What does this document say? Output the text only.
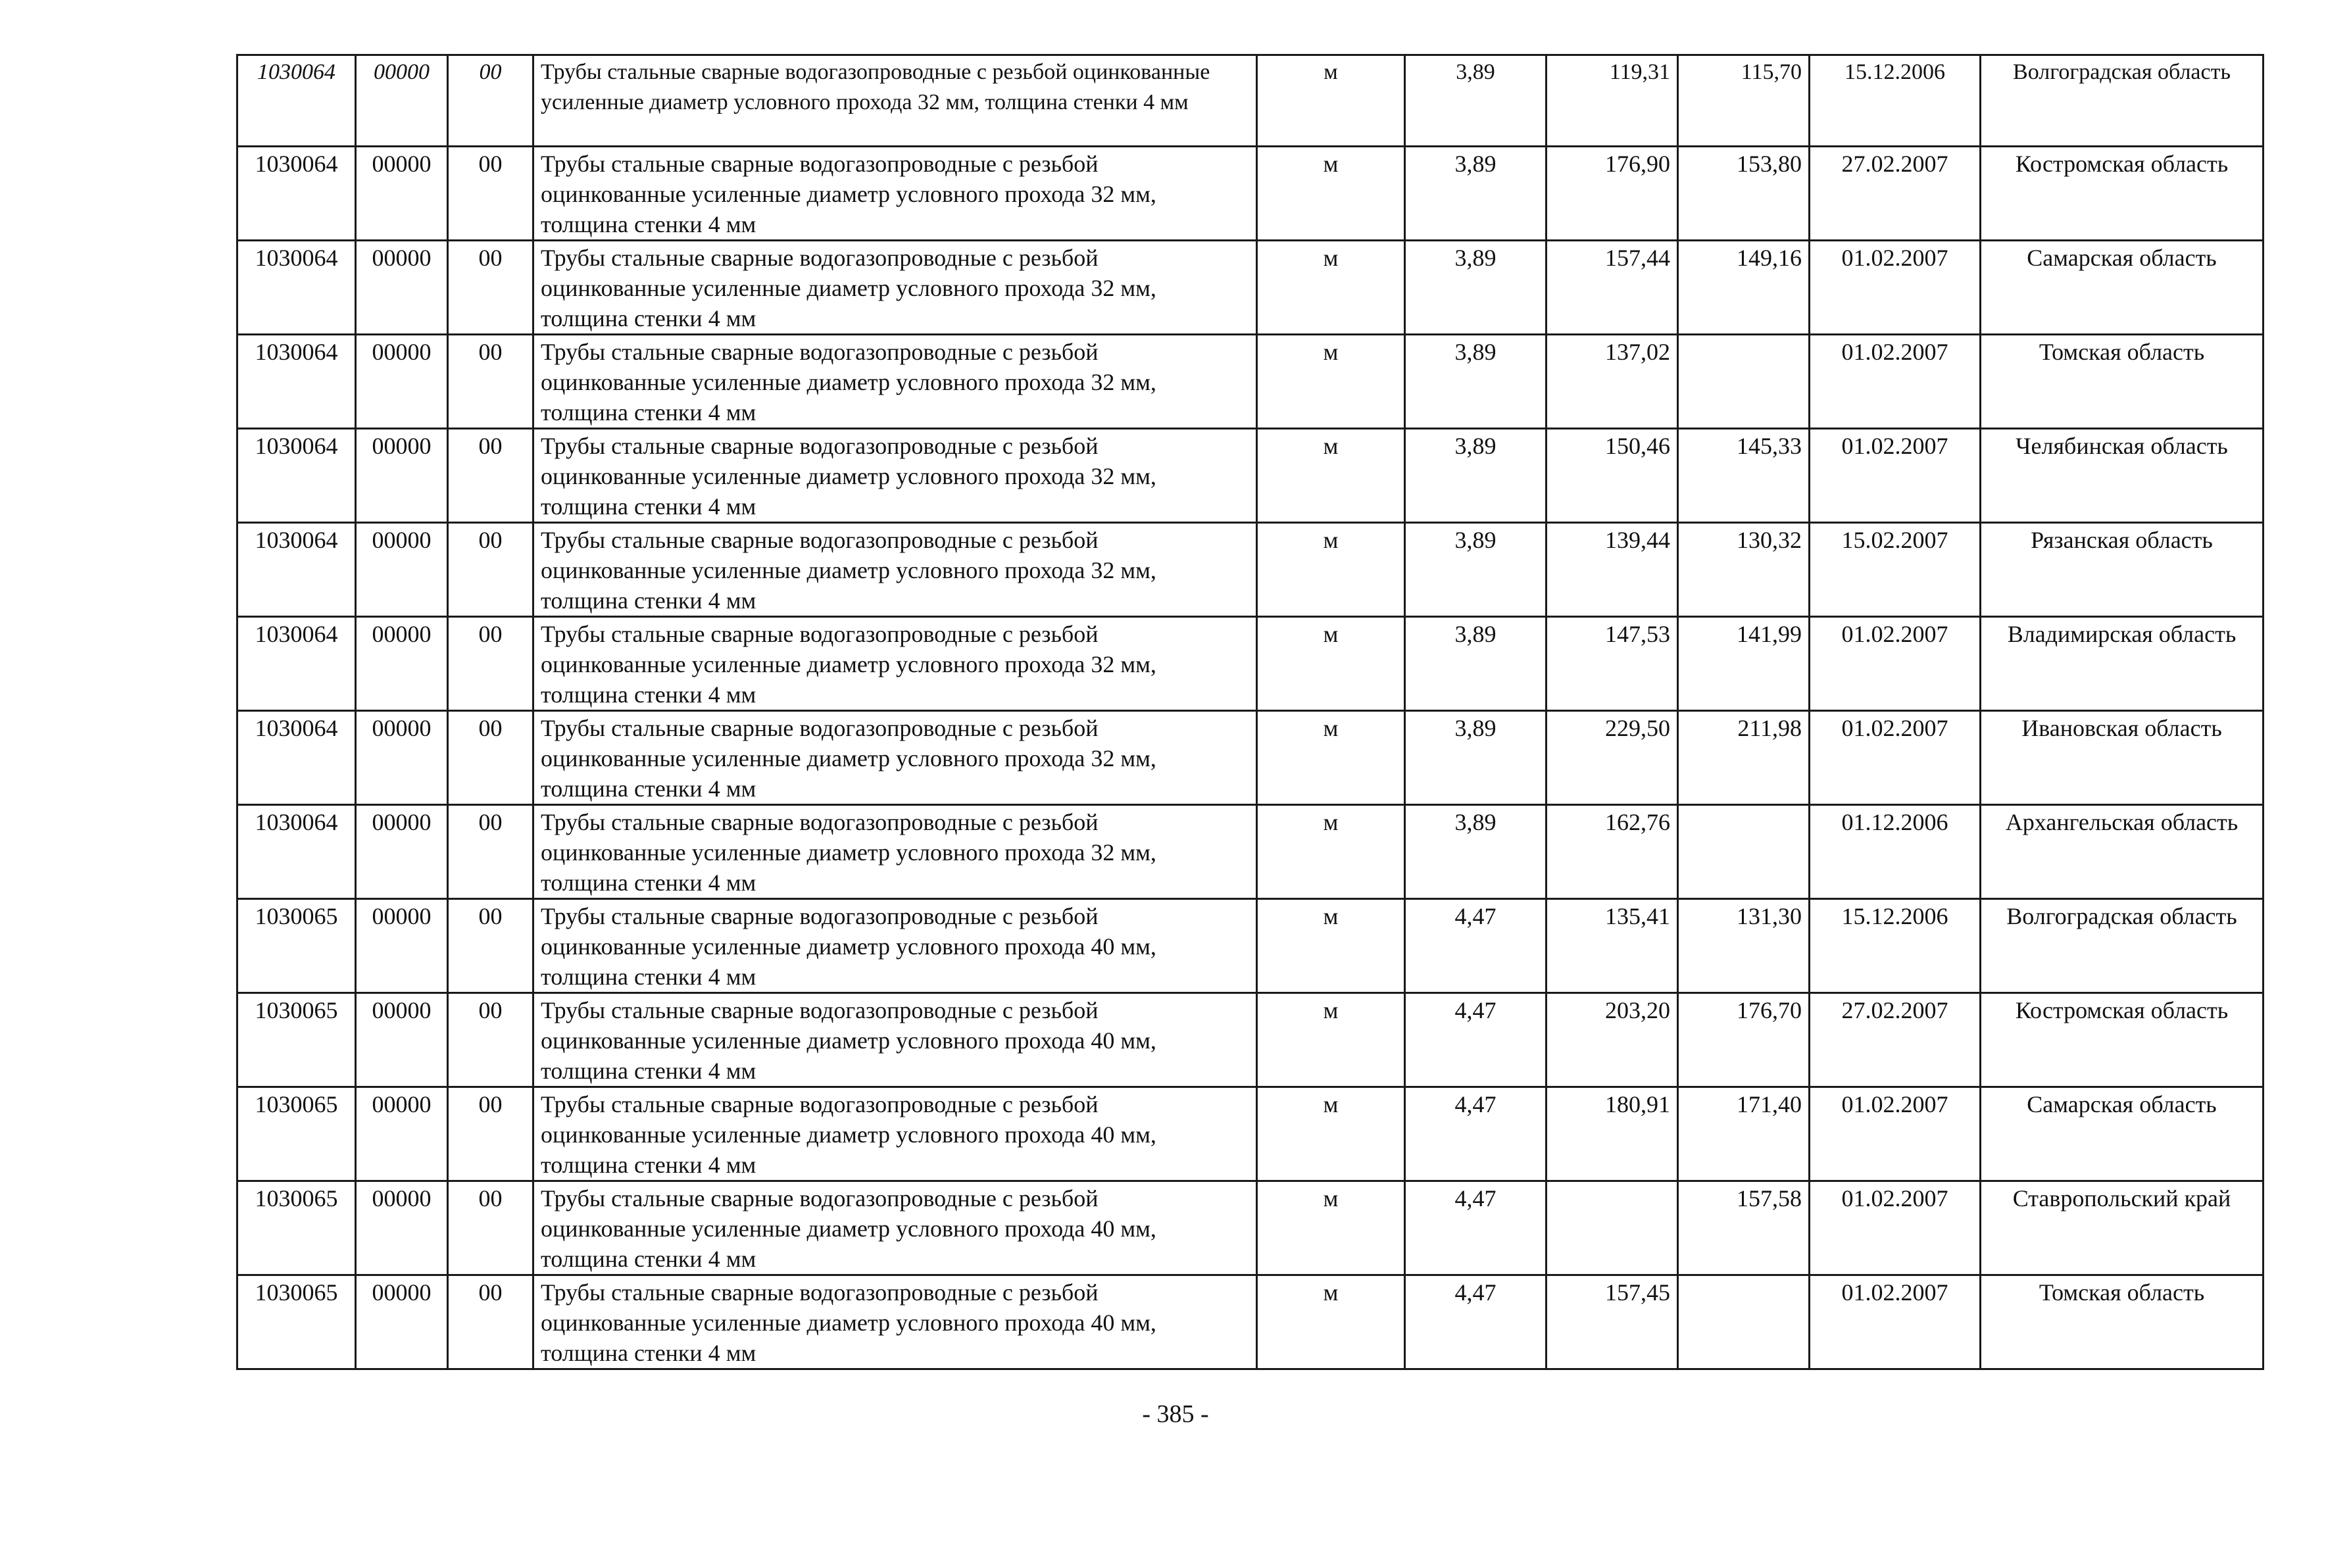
1030064	00000	00	Трубы стальные сварные водогазопроводные с резьбой оцинкованные усиленные диаметр условного прохода 32 мм, толщина стенки 4 мм	м	3,89	119,31	115,70	15.12.2006	Волгоградская область
1030064	00000	00	Трубы стальные сварные водогазопроводные с резьбой оцинкованные усиленные диаметр условного прохода 32 мм, толщина стенки 4 мм	м	3,89	176,90	153,80	27.02.2007	Костромская область
1030064	00000	00	Трубы стальные сварные водогазопроводные с резьбой оцинкованные усиленные диаметр условного прохода 32 мм, толщина стенки 4 мм	м	3,89	157,44	149,16	01.02.2007	Самарская область
1030064	00000	00	Трубы стальные сварные водогазопроводные с резьбой оцинкованные усиленные диаметр условного прохода 32 мм, толщина стенки 4 мм	м	3,89	137,02		01.02.2007	Томская область
1030064	00000	00	Трубы стальные сварные водогазопроводные с резьбой оцинкованные усиленные диаметр условного прохода 32 мм, толщина стенки 4 мм	м	3,89	150,46	145,33	01.02.2007	Челябинская область
1030064	00000	00	Трубы стальные сварные водогазопроводные с резьбой оцинкованные усиленные диаметр условного прохода 32 мм, толщина стенки 4 мм	м	3,89	139,44	130,32	15.02.2007	Рязанская область
1030064	00000	00	Трубы стальные сварные водогазопроводные с резьбой оцинкованные усиленные диаметр условного прохода 32 мм, толщина стенки 4 мм	м	3,89	147,53	141,99	01.02.2007	Владимирская область
1030064	00000	00	Трубы стальные сварные водогазопроводные с резьбой оцинкованные усиленные диаметр условного прохода 32 мм, толщина стенки 4 мм	м	3,89	229,50	211,98	01.02.2007	Ивановская область
1030064	00000	00	Трубы стальные сварные водогазопроводные с резьбой оцинкованные усиленные диаметр условного прохода 32 мм, толщина стенки 4 мм	м	3,89	162,76		01.12.2006	Архангельская область
1030065	00000	00	Трубы стальные сварные водогазопроводные с резьбой оцинкованные усиленные диаметр условного прохода 40 мм, толщина стенки 4 мм	м	4,47	135,41	131,30	15.12.2006	Волгоградская область
1030065	00000	00	Трубы стальные сварные водогазопроводные с резьбой оцинкованные усиленные диаметр условного прохода 40 мм, толщина стенки 4 мм	м	4,47	203,20	176,70	27.02.2007	Костромская область
1030065	00000	00	Трубы стальные сварные водогазопроводные с резьбой оцинкованные усиленные диаметр условного прохода 40 мм, толщина стенки 4 мм	м	4,47	180,91	171,40	01.02.2007	Самарская область
1030065	00000	00	Трубы стальные сварные водогазопроводные с резьбой оцинкованные усиленные диаметр условного прохода 40 мм, толщина стенки 4 мм	м	4,47		157,58	01.02.2007	Ставропольский край
1030065	00000	00	Трубы стальные сварные водогазопроводные с резьбой оцинкованные усиленные диаметр условного прохода 40 мм, толщина стенки 4 мм	м	4,47	157,45		01.02.2007	Томская область
- 385 -
